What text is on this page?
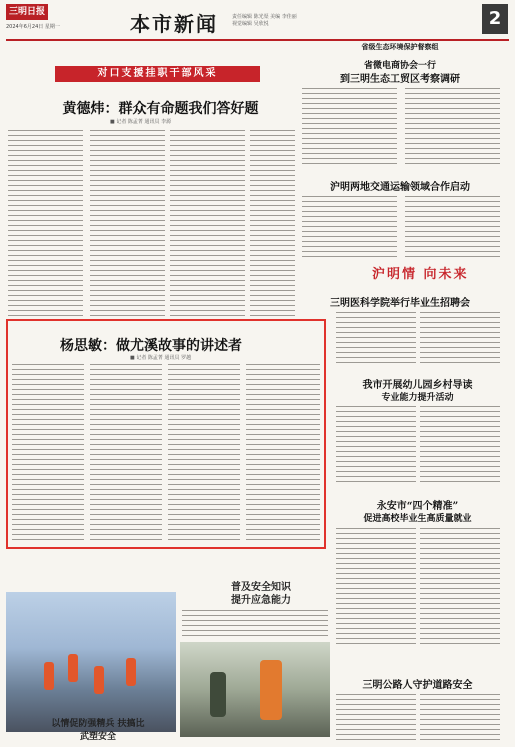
三明日报
2024年6月24日 星期一	本市新闻	责任编辑 陈光渠 美编 李佳丽
视觉编辑 吴欣悦	2
对口支援挂职干部风采
黄德炜：群众有命题我们答好题
■ 记者 陈孟菁 通讯员 李源
杨思敏：做尤溪故事的讲述者
■ 记者 陈孟菁 通讯员 罗越
省级生态环境保护督察组
省微电商协会一行
到三明生态工贸区考察调研
沪明两地交通运输领域合作启动
沪明情 向未来
三明医科学院举行毕业生招聘会
我市开展幼儿园乡村导读
专业能力提升活动
永安市“四个精准”
促进高校毕业生高质量就业
三明公路人守护道路安全
以情促防强精兵 扶搞比武塑安全
普及安全知识
提升应急能力
